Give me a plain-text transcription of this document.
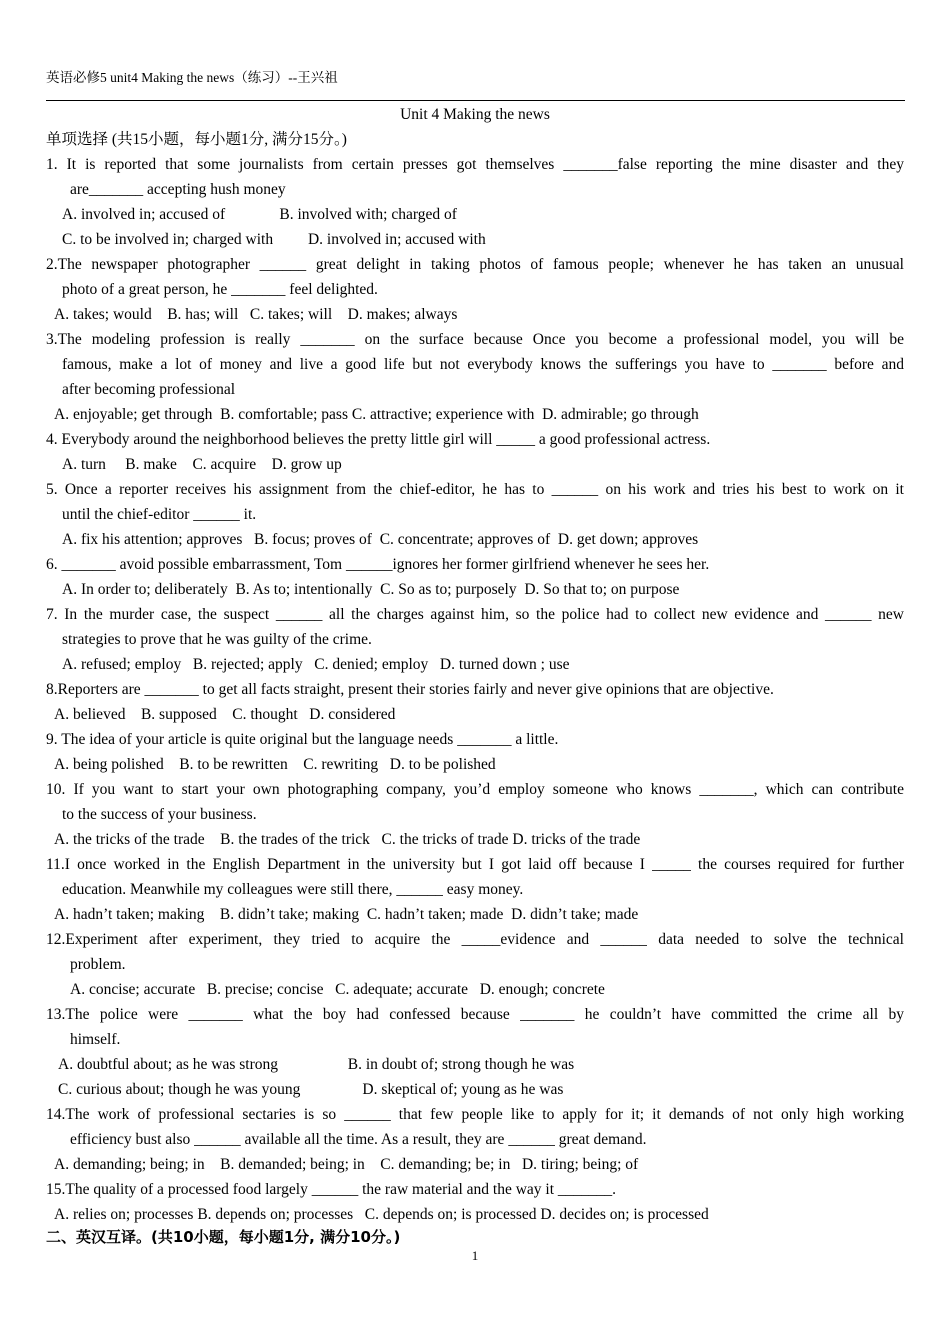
英语必修5 unit4 Making the news（练习）--王兴祖
Unit 4 Making the news
单项选择 (共15小题，每小题1分, 满分15分。)
1. It is reported that some journalists from certain presses got themselves _______false reporting the mine disaster and they
are_______ accepting hush money
A. involved in; accused of              B. involved with; charged of
C. to be involved in; charged with         D. involved in; accused with
2.The newspaper photographer ______ great delight in taking photos of famous people; whenever he has taken an unusual
photo of a great person, he _______ feel delighted.
A. takes; would    B. has; will   C. takes; will    D. makes; always
3.The modeling profession is really _______ on the surface because Once you become a professional model, you will be
famous, make a lot of money and live a good life but not everybody knows the sufferings you have to _______ before and
after becoming professional
A. enjoyable; get through  B. comfortable; pass C. attractive; experience with  D. admirable; go through
4. Everybody around the neighborhood believes the pretty little girl will _____ a good professional actress.
A. turn     B. make    C. acquire    D. grow up
5. Once a reporter receives his assignment from the chief-editor, he has to ______ on his work and tries his best to work on it
until the chief-editor ______ it.
A. fix his attention; approves   B. focus; proves of  C. concentrate; approves of  D. get down; approves
6. _______ avoid possible embarrassment, Tom ______ignores her former girlfriend whenever he sees her.
A. In order to; deliberately  B. As to; intentionally  C. So as to; purposely  D. So that to; on purpose
7. In the murder case, the suspect ______ all the charges against him, so the police had to collect new evidence and ______ new
strategies to prove that he was guilty of the crime.
A. refused; employ   B. rejected; apply   C. denied; employ   D. turned down ; use
8.Reporters are _______ to get all facts straight, present their stories fairly and never give opinions that are objective.
A. believed    B. supposed    C. thought   D. considered
9. The idea of your article is quite original but the language needs _______ a little.
A. being polished    B. to be rewritten    C. rewriting   D. to be polished
10. If you want to start your own photographing company, you’d employ someone who knows _______, which can contribute
to the success of your business.
A. the tricks of the trade    B. the trades of the trick   C. the tricks of trade D. tricks of the trade
11.I once worked in the English Department in the university but I got laid off because I _____ the courses required for further
education. Meanwhile my colleagues were still there, ______ easy money.
A. hadn’t taken; making    B. didn’t take; making  C. hadn’t taken; made  D. didn’t take; made
12.Experiment after experiment, they tried to acquire the _____evidence and ______ data needed to solve the technical
problem.
A. concise; accurate   B. precise; concise   C. adequate; accurate   D. enough; concrete
13.The police were _______ what the boy had confessed because _______ he couldn’t have committed the crime all by
himself.
A. doubtful about; as he was strong                  B. in doubt of; strong though he was
C. curious about; though he was young                D. skeptical of; young as he was
14.The work of professional sectaries is so ______ that few people like to apply for it; it demands of not only high working
efficiency bust also ______ available all the time. As a result, they are ______ great demand.
A. demanding; being; in    B. demanded; being; in    C. demanding; be; in   D. tiring; being; of
15.The quality of a processed food largely ______ the raw material and the way it _______.
A. relies on; processes B. depends on; processes   C. depends on; is processed D. decides on; is processed
二、英汉互译。(共10小题，每小题1分, 满分10分。)
1
